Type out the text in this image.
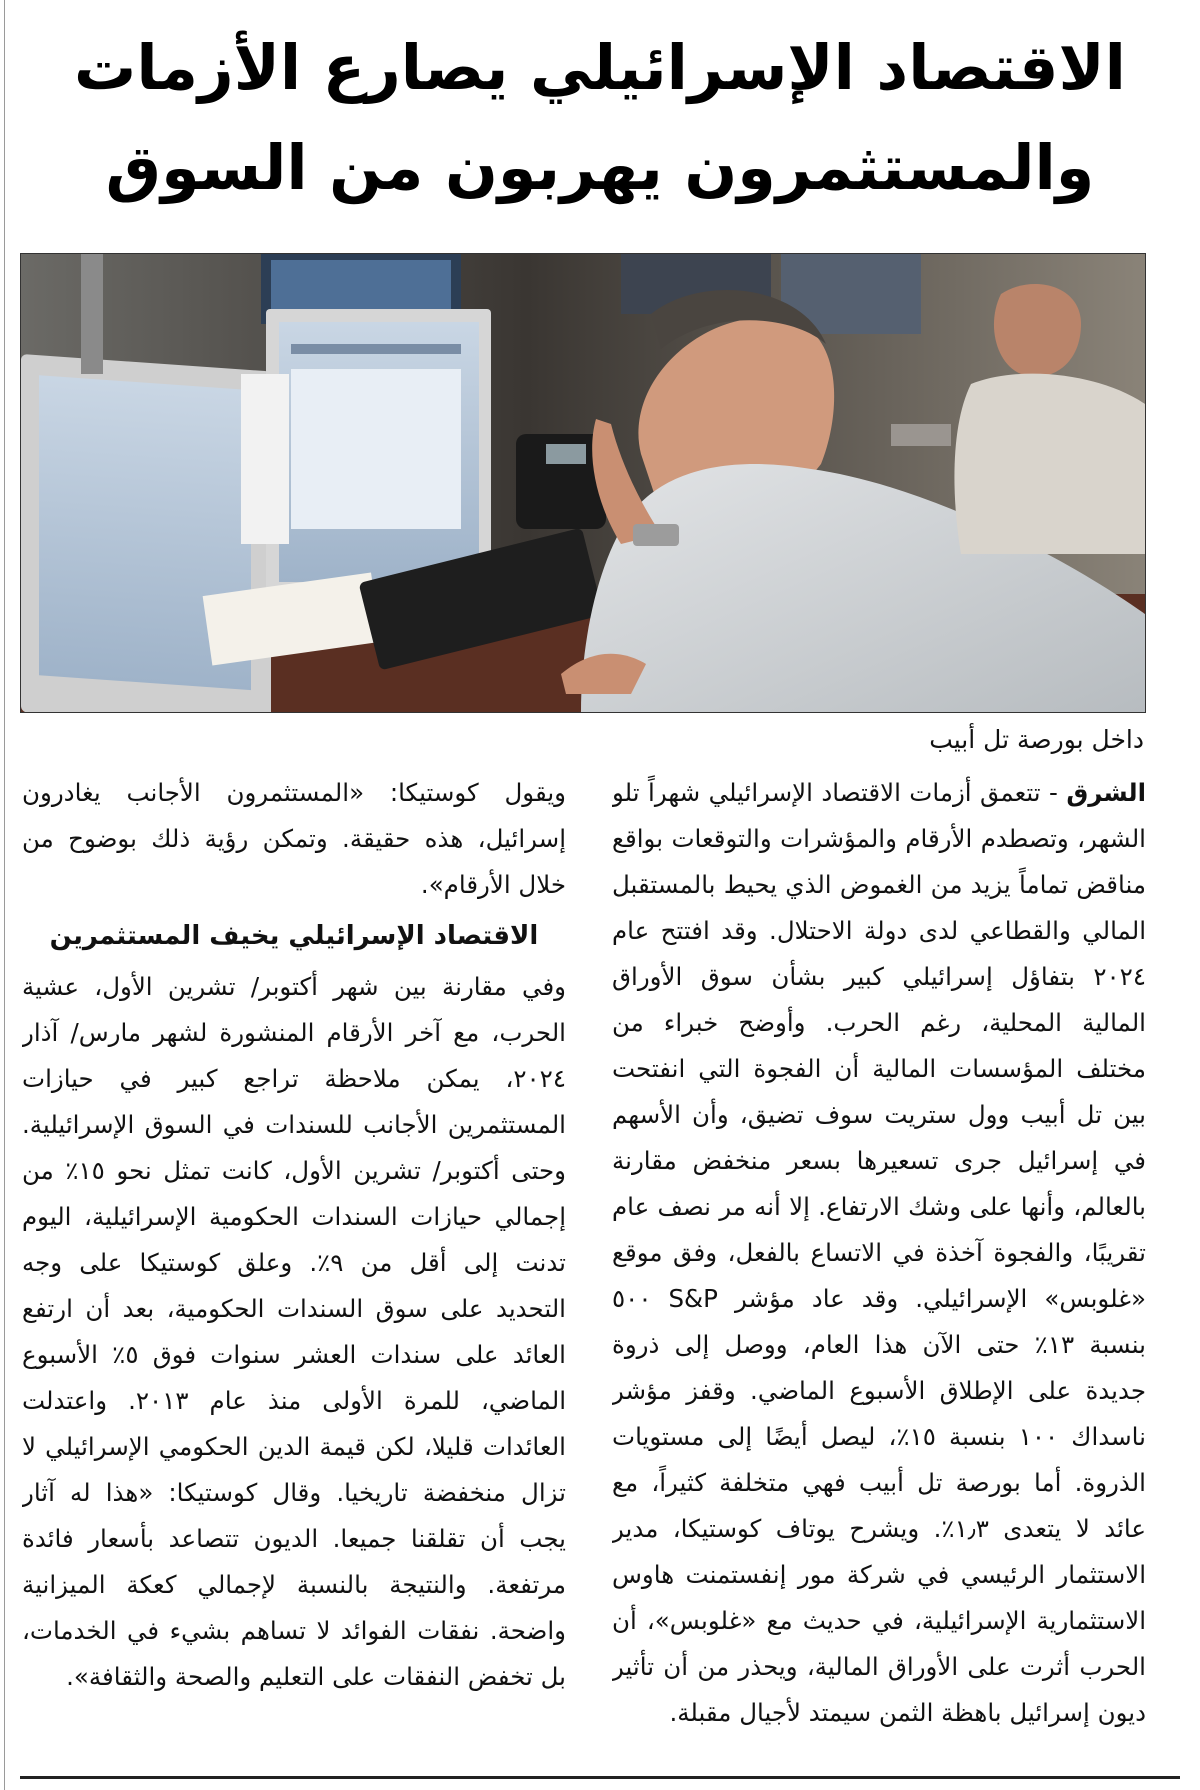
الاقتصاد الإسرائيلي يصارع الأزمات
والمستثمرون يهربون من السوق
داخل بورصة تل أبيب

الشرق - تتعمق أزمات الاقتصاد الإسرائيلي شهراً تلو الشهر، وتصطدم الأرقام والمؤشرات والتوقعات بواقع مناقض تماماً يزيد من الغموض الذي يحيط بالمستقبل المالي والقطاعي لدى دولة الاحتلال. وقد افتتح عام ٢٠٢٤ بتفاؤل إسرائيلي كبير بشأن سوق الأوراق المالية المحلية، رغم الحرب. وأوضح خبراء من مختلف المؤسسات المالية أن الفجوة التي انفتحت بين تل أبيب وول ستريت سوف تضيق، وأن الأسهم في إسرائيل جرى تسعيرها بسعر منخفض مقارنة بالعالم، وأنها على وشك الارتفاع. إلا أنه مر نصف عام تقريبًا، والفجوة آخذة في الاتساع بالفعل، وفق موقع «غلوبس» الإسرائيلي. وقد عاد مؤشر S&P ٥٠٠ بنسبة ١٣٪ حتى الآن هذا العام، ووصل إلى ذروة جديدة على الإطلاق الأسبوع الماضي. وقفز مؤشر ناسداك ١٠٠ بنسبة ١٥٪، ليصل أيضًا إلى مستويات الذروة. أما بورصة تل أبيب فهي متخلفة كثيراً، مع عائد لا يتعدى ١٫٣٪. ويشرح يوتاف كوستيكا، مدير الاستثمار الرئيسي في شركة مور إنفستمنت هاوس الاستثمارية الإسرائيلية، في حديث مع «غلوبس»، أن الحرب أثرت على الأوراق المالية، ويحذر من أن تأثير ديون إسرائيل باهظة الثمن سيمتد لأجيال مقبلة.

ويقول كوستيكا: «المستثمرون الأجانب يغادرون إسرائيل، هذه حقيقة. وتمكن رؤية ذلك بوضوح من خلال الأرقام».

الاقتصاد الإسرائيلي يخيف المستثمرين

وفي مقارنة بين شهر أكتوبر/ تشرين الأول، عشية الحرب، مع آخر الأرقام المنشورة لشهر مارس/ آذار ٢٠٢٤، يمكن ملاحظة تراجع كبير في حيازات المستثمرين الأجانب للسندات في السوق الإسرائيلية. وحتى أكتوبر/ تشرين الأول، كانت تمثل نحو ١٥٪ من إجمالي حيازات السندات الحكومية الإسرائيلية، اليوم تدنت إلى أقل من ٩٪. وعلق كوستيكا على وجه التحديد على سوق السندات الحكومية، بعد أن ارتفع العائد على سندات العشر سنوات فوق ٥٪ الأسبوع الماضي، للمرة الأولى منذ عام ٢٠١٣. واعتدلت العائدات قليلا، لكن قيمة الدين الحكومي الإسرائيلي لا تزال منخفضة تاريخيا. وقال كوستيكا: «هذا له آثار يجب أن تقلقنا جميعا. الديون تتصاعد بأسعار فائدة مرتفعة. والنتيجة بالنسبة لإجمالي كعكة الميزانية واضحة. نفقات الفوائد لا تساهم بشيء في الخدمات، بل تخفض النفقات على التعليم والصحة والثقافة».
